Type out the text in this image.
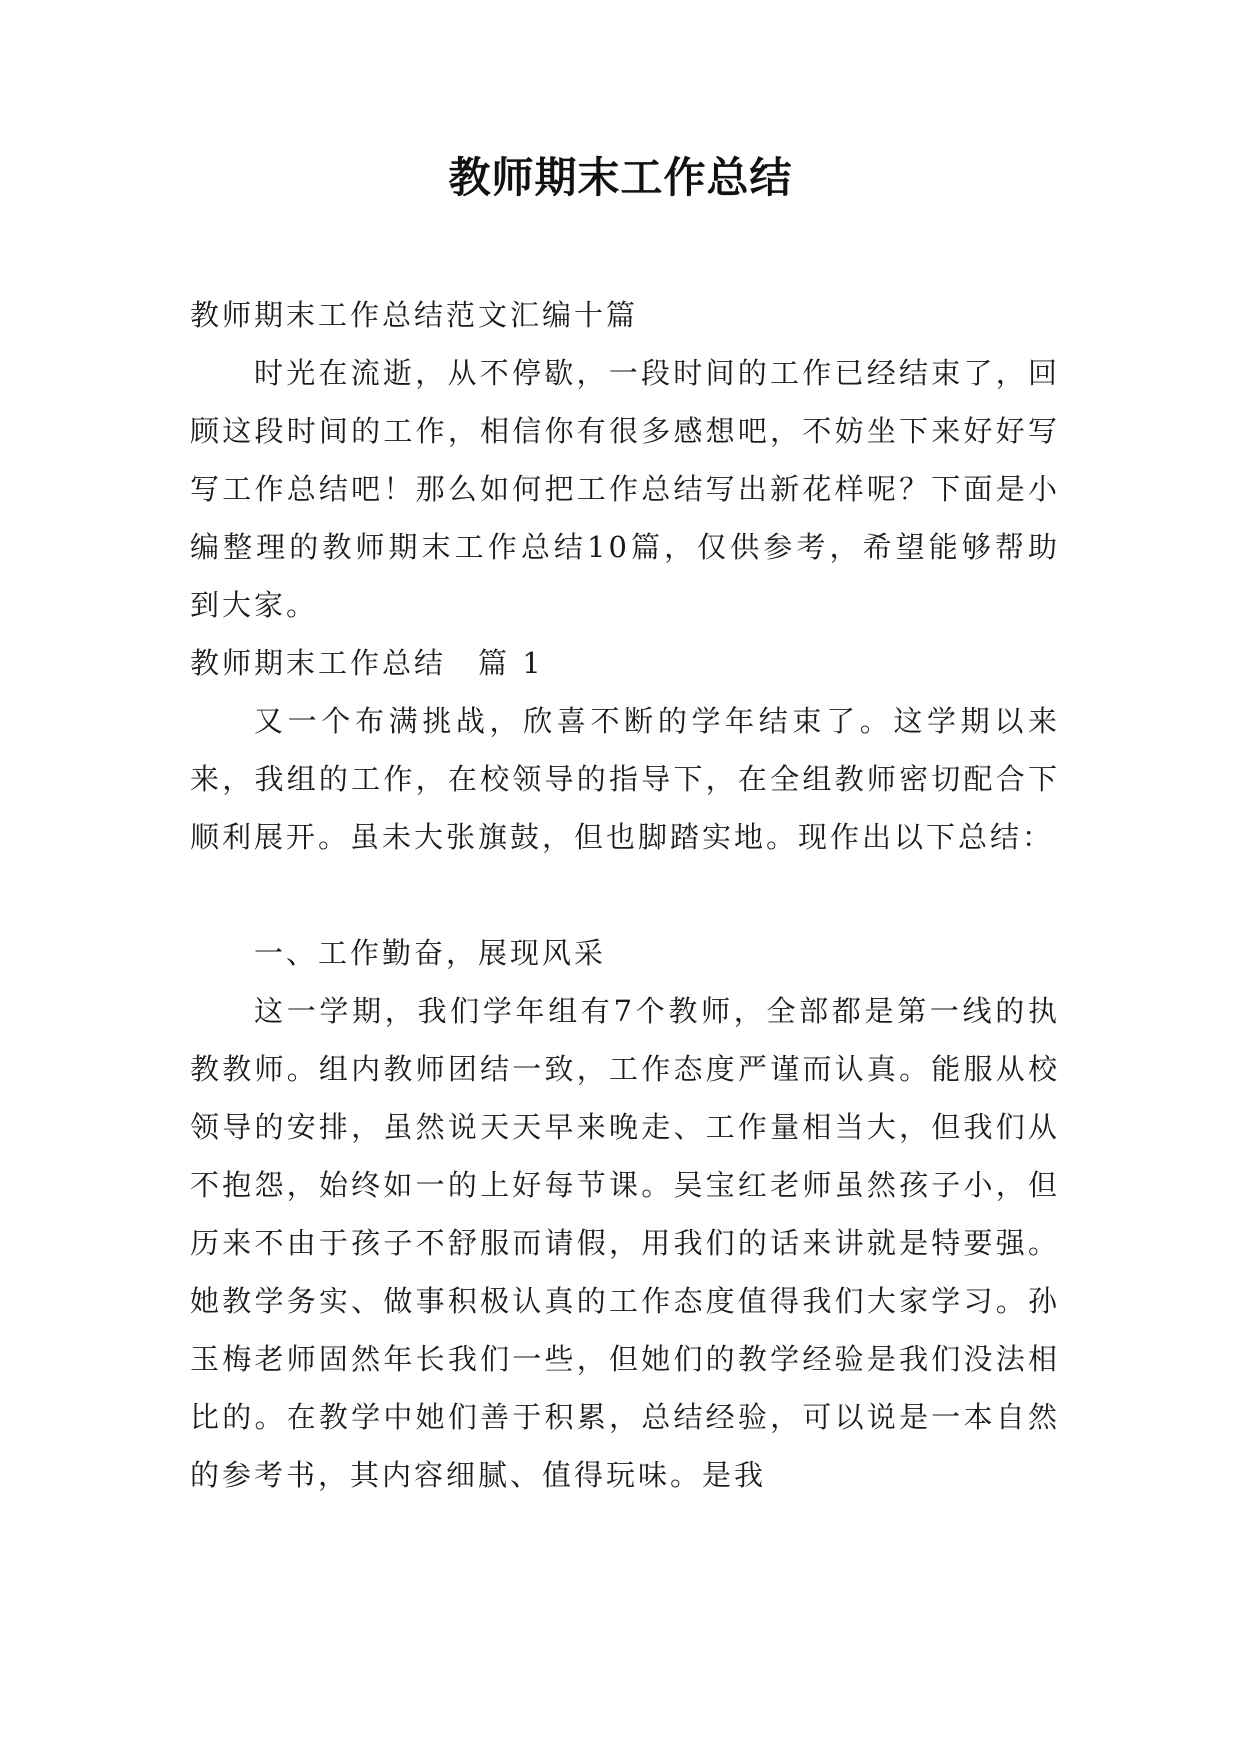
教师期末工作总结

教师期末工作总结范文汇编十篇

时光在流逝，从不停歇，一段时间的工作已经结束了，回顾这段时间的工作，相信你有很多感想吧，不妨坐下来好好写写工作总结吧！那么如何把工作总结写出新花样呢？下面是小编整理的教师期末工作总结10篇，仅供参考，希望能够帮助到大家。

教师期末工作总结　篇 1

又一个布满挑战，欣喜不断的学年结束了。这学期以来来，我组的工作，在校领导的指导下，在全组教师密切配合下顺利展开。虽未大张旗鼓，但也脚踏实地。现作出以下总结：

一、工作勤奋，展现风采

这一学期，我们学年组有7个教师，全部都是第一线的执教教师。组内教师团结一致，工作态度严谨而认真。能服从校领导的安排，虽然说天天早来晚走、工作量相当大，但我们从不抱怨，始终如一的上好每节课。吴宝红老师虽然孩子小，但历来不由于孩子不舒服而请假，用我们的话来讲就是特要强。她教学务实、做事积极认真的工作态度值得我们大家学习。孙玉梅老师固然年长我们一些，但她们的教学经验是我们没法相比的。在教学中她们善于积累，总结经验，可以说是一本自然的参考书，其内容细腻、值得玩味。是我
